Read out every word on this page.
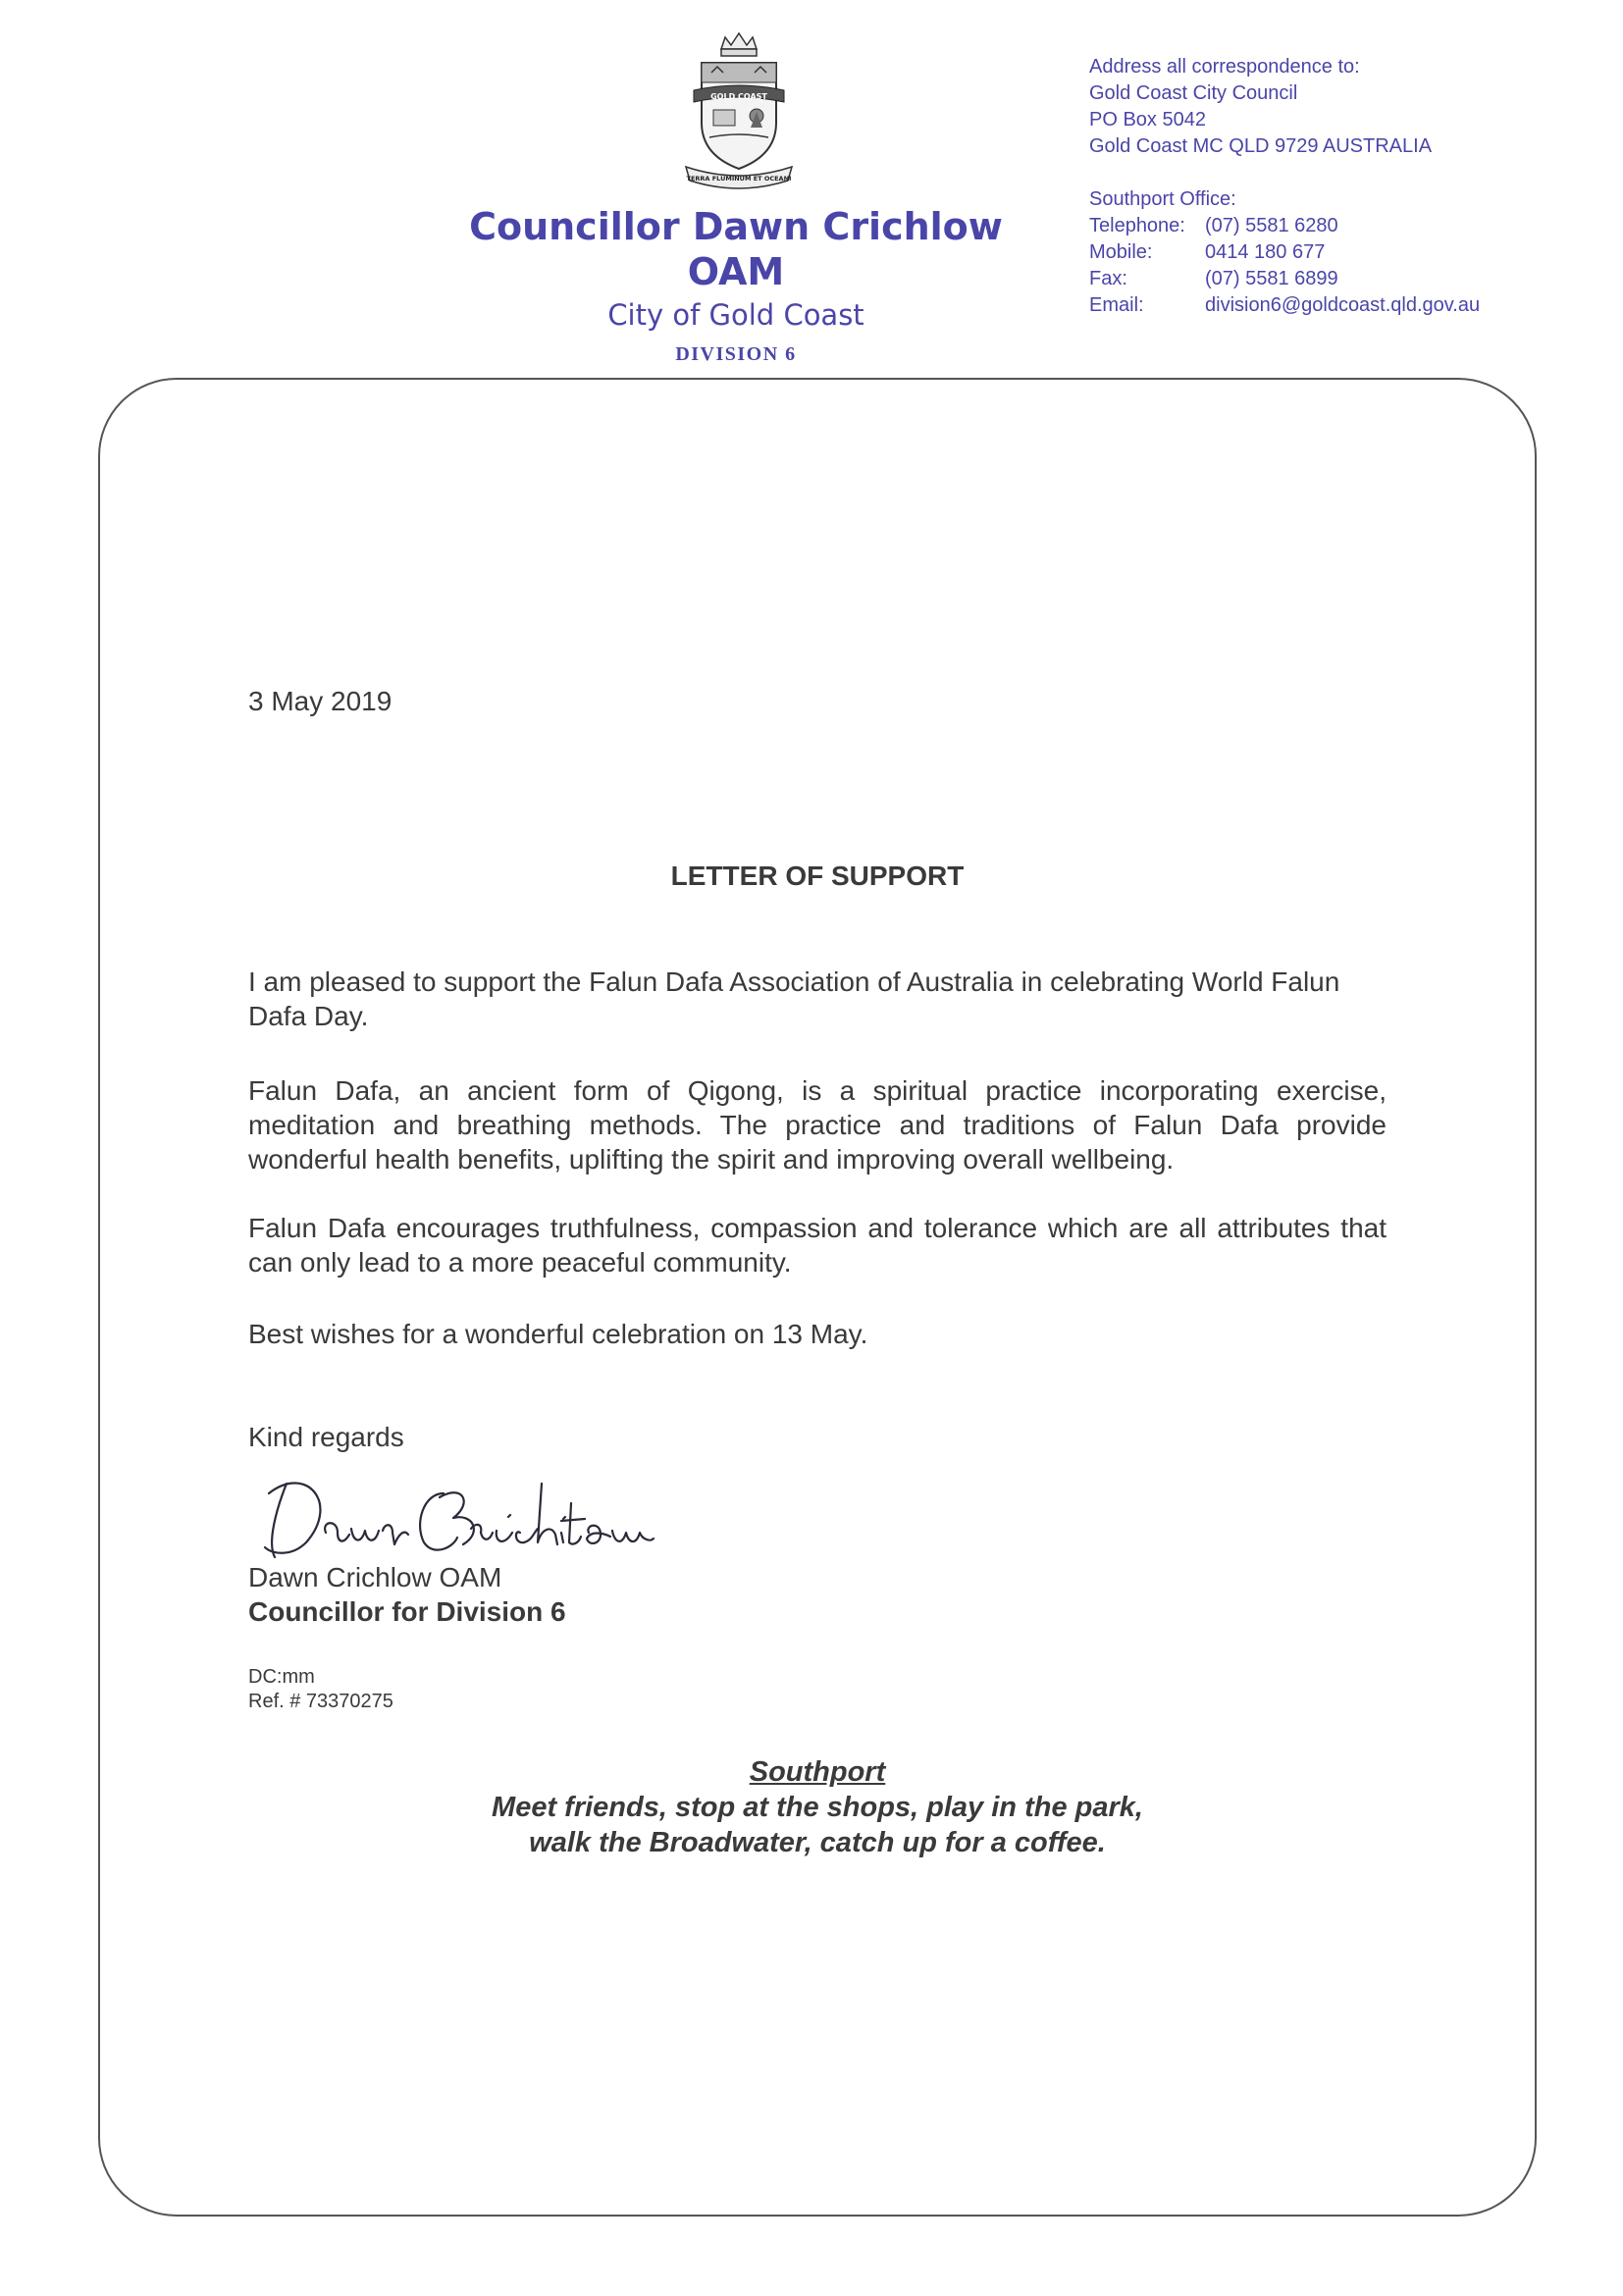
GOLD COAST
TERRA FLUMINUM ET OCEANI
Councillor Dawn Crichlow OAM
City of Gold Coast
DIVISION 6
Address all correspondence to:
Gold Coast City Council
PO Box 5042
Gold Coast MC QLD 9729 AUSTRALIA
Southport Office:
Telephone:	(07) 5581 6280
Mobile:	0414 180 677
Fax:	(07) 5581 6899
Email:	division6@goldcoast.qld.gov.au
3 May 2019
LETTER OF SUPPORT
I am pleased to support the Falun Dafa Association of Australia in celebrating World Falun Dafa Day.
Falun Dafa, an ancient form of Qigong, is a spiritual practice incorporating exercise, meditation and breathing methods. The practice and traditions of Falun Dafa provide wonderful health benefits, uplifting the spirit and improving overall wellbeing.
Falun Dafa encourages truthfulness, compassion and tolerance which are all attributes that can only lead to a more peaceful community.
Best wishes for a wonderful celebration on 13 May.
Kind regards
Dawn Crichlow OAM
Councillor for Division 6
DC:mm
Ref. # 73370275
Southport
Meet friends, stop at the shops, play in the park,
walk the Broadwater, catch up for a coffee.
